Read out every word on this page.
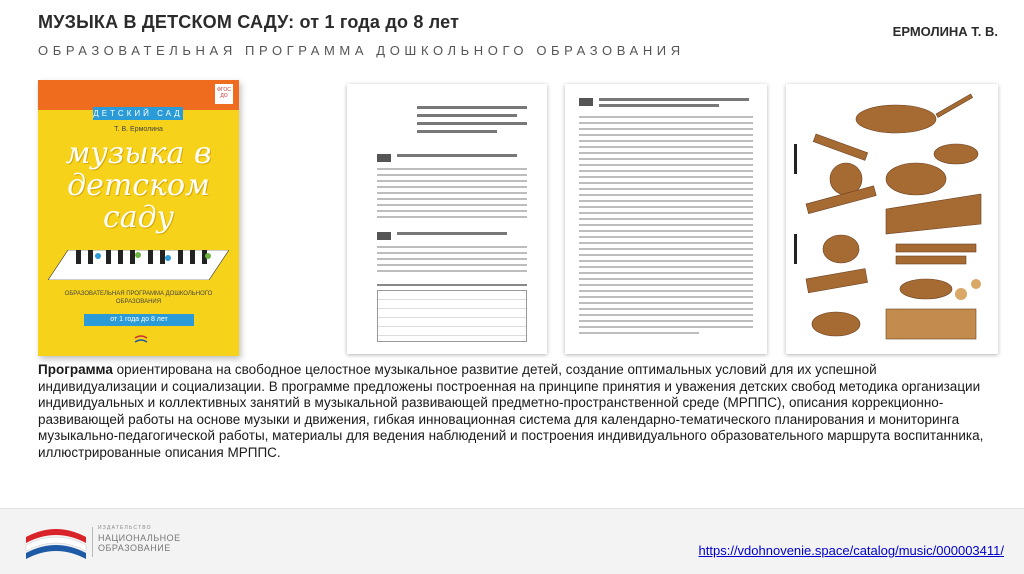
МУЗЫКА В ДЕТСКОМ САДУ: от 1 года до 8 лет
ОБРАЗОВАТЕЛЬНАЯ ПРОГРАММА ДОШКОЛЬНОГО ОБРАЗОВАНИЯ
ЕРМОЛИНА Т. В.
ФГОС ДО
ДЕТСКИЙ САД
Т. В. Ермолина
музыка в детском саду
ОБРАЗОВАТЕЛЬНАЯ ПРОГРАММА ДОШКОЛЬНОГО ОБРАЗОВАНИЯ
от 1 года до 8 лет
Программа ориентирована на свободное целостное музыкальное развитие детей, создание оптимальных условий для их успешной индивидуализации и социализации. В программе предложены построенная на принципе принятия и уважения детских свобод методика организации индивидуальных и коллективных занятий в музыкальной развивающей предметно-пространственной среде (МРППС), описания коррекционно-развивающей работы на основе музыки и движения, гибкая инновационная система для календарно-тематического планирования и мониторинга музыкально-педагогической работы, материалы для ведения наблюдений и построения индивидуального образовательного маршрута воспитанника, иллюстрированные описания МРППС.
ИЗДАТЕЛЬСТВО
НАЦИОНАЛЬНОЕ
ОБРАЗОВАНИЕ	https://vdohnovenie.space/catalog/music/000003411/
